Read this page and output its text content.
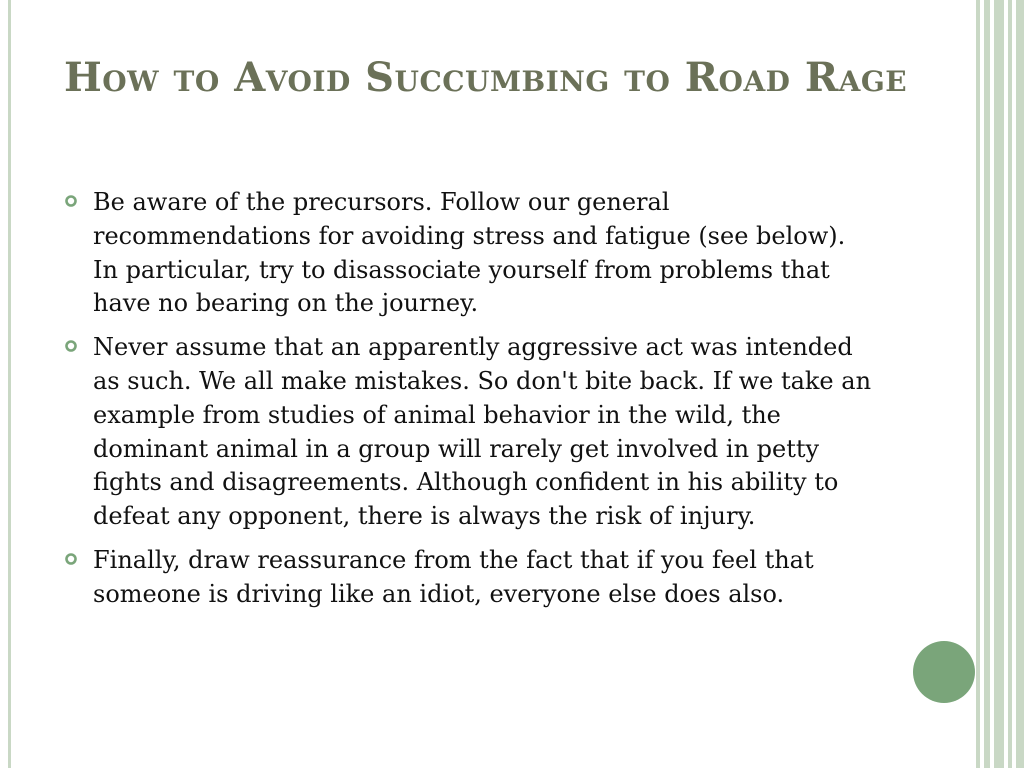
How to Avoid Succumbing to Road Rage
Be aware of the precursors. Follow our general recommendations for avoiding stress and fatigue (see below). In particular, try to disassociate yourself from problems that have no bearing on the journey.
Never assume that an apparently aggressive act was intended as such. We all make mistakes. So don't bite back. If we take an example from studies of animal behavior in the wild, the dominant animal in a group will rarely get involved in petty fights and disagreements. Although confident in his ability to defeat any opponent, there is always the risk of injury.
Finally, draw reassurance from the fact that if you feel that someone is driving like an idiot, everyone else does also.
